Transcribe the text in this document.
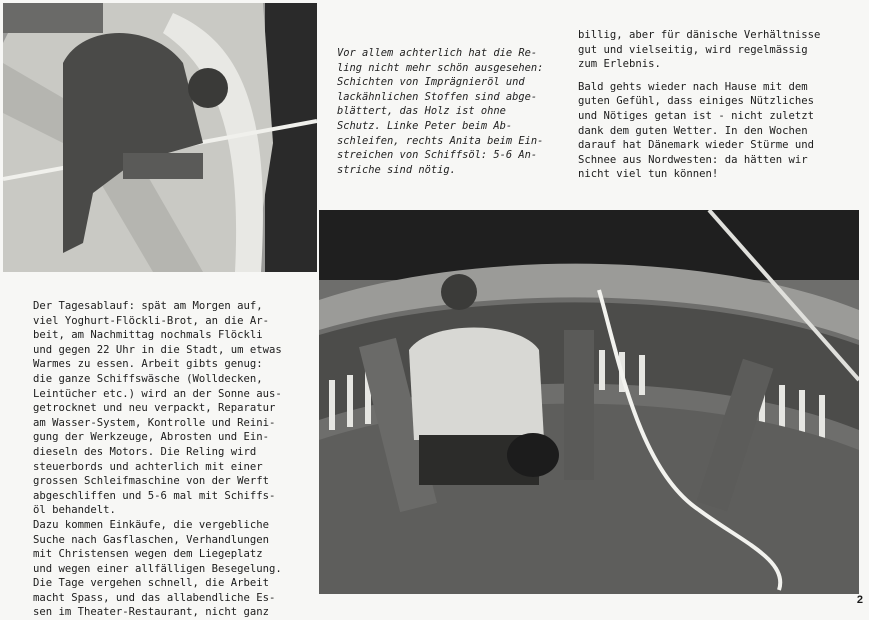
Vor allem achterlich hat die Re-
ling nicht mehr schön ausgesehen:
Schichten von Imprägnieröl und
lackähnlichen Stoffen sind abge-
blättert, das Holz ist ohne
Schutz. Linke Peter beim Ab-
schleifen, rechts Anita beim Ein-
streichen von Schiffsöl: 5-6 An-
striche sind nötig.

billig, aber für dänische Verhältnisse
gut und vielseitig, wird regelmässig
zum Erlebnis.

Bald gehts wieder nach Hause mit dem
guten Gefühl, dass einiges Nützliches
und Nötiges getan ist - nicht zuletzt
dank dem guten Wetter. In den Wochen
darauf hat Dänemark wieder Stürme und
Schnee aus Nordwesten: da hätten wir
nicht viel tun können!

Der Tagesablauf: spät am Morgen auf,
viel Yoghurt-Flöckli-Brot, an die Ar-
beit, am Nachmittag nochmals Flöckli
und gegen 22 Uhr in die Stadt, um etwas
Warmes zu essen. Arbeit gibts genug:
die ganze Schiffswäsche (Wolldecken,
Leintücher etc.) wird an der Sonne aus-
getrocknet und neu verpackt, Reparatur
am Wasser-System, Kontrolle und Reini-
gung der Werkzeuge, Abrosten und Ein-
dieseln des Motors. Die Reling wird
steuerbords und achterlich mit einer
grossen Schleifmaschine von der Werft
abgeschliffen und 5-6 mal mit Schiffs-
öl behandelt.
Dazu kommen Einkäufe, die vergebliche
Suche nach Gasflaschen, Verhandlungen
mit Christensen wegen dem Liegeplatz
und wegen einer allfälligen Besegelung.
Die Tage vergehen schnell, die Arbeit
macht Spass, und das allabendliche Es-
sen im Theater-Restaurant, nicht ganz
2
